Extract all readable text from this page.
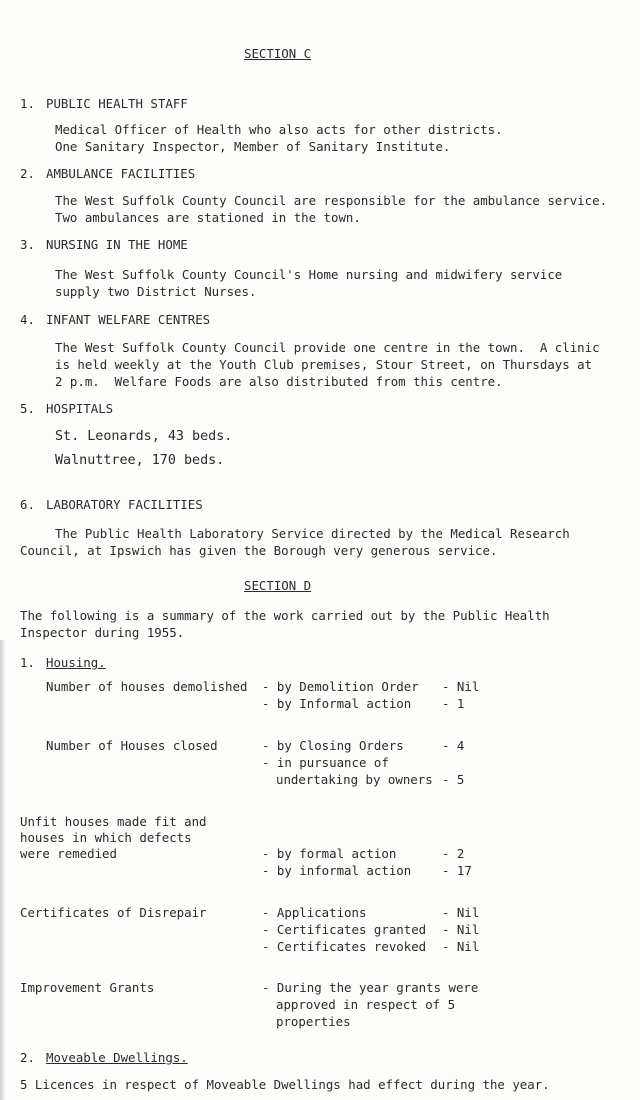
SECTION C
1. PUBLIC HEALTH STAFF
Medical Officer of Health who also acts for other districts.
One Sanitary Inspector, Member of Sanitary Institute.
2. AMBULANCE FACILITIES
The West Suffolk County Council are responsible for the ambulance service.
Two ambulances are stationed in the town.
3. NURSING IN THE HOME
The West Suffolk County Council's Home nursing and midwifery service
supply two District Nurses.
4. INFANT WELFARE CENTRES
The West Suffolk County Council provide one centre in the town.  A clinic
is held weekly at the Youth Club premises, Stour Street, on Thursdays at
2 p.m.  Welfare Foods are also distributed from this centre.
5. HOSPITALS
St. Leonards, 43 beds.
Walnuttree, 170 beds.
6. LABORATORY FACILITIES
The Public Health Laboratory Service directed by the Medical Research
Council, at Ipswich has given the Borough very generous service.
SECTION D
The following is a summary of the work carried out by the Public Health
Inspector during 1955.
1. Housing.
Number of houses demolished - by Demolition Order - Nil
- by Informal action - 1
Number of Houses closed	- by Closing Orders	- 4
- in pursuance of
undertaking by owners - 5
Unfit houses made fit and
houses in which defects
were remedied	- by formal action	- 2
- by informal action - 17
Certificates of Disrepair	- Applications	- Nil
- Certificates granted - Nil
- Certificates revoked - Nil
Improvement Grants	- During the year grants were
approved in respect of 5
properties
2. Moveable Dwellings.
5 Licences in respect of Moveable Dwellings had effect during the year.
